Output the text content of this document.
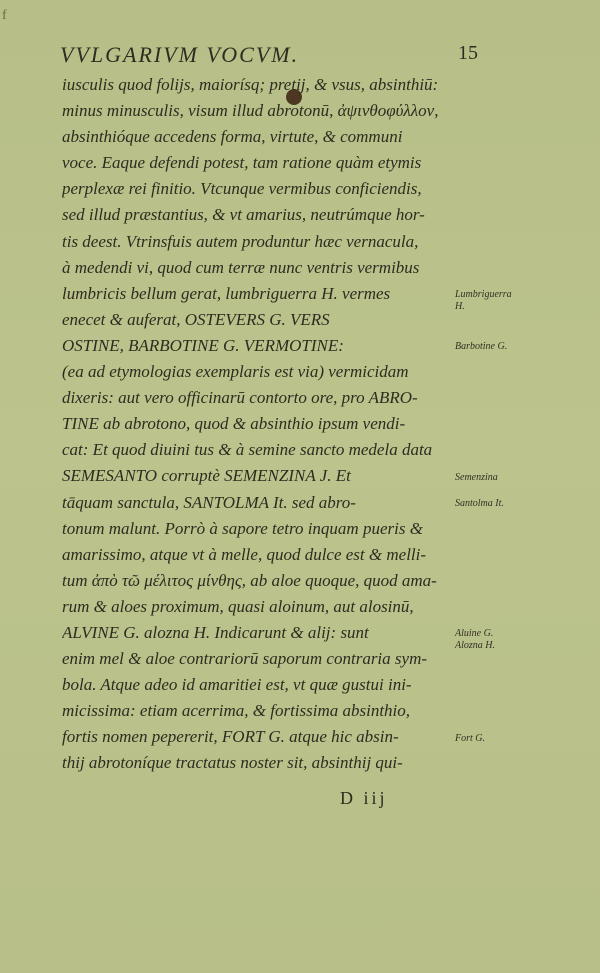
f
VVLGARIVM VOCVM.	15
iusculis quod folijs, maiorísq; pretij, & vsus, absinthiū:
minus minusculis, visum illud abrotonū, ἀψινθοφύλλον,
absinthióque accedens forma, virtute, & communi
voce. Eaque defendi potest, tam ratione quàm etymis
perplexæ rei finitio. Vtcunque vermibus conficiendis,
sed illud præstantius, & vt amarius, neutrúmque hor-
tis deest. Vtrinsfuis autem produntur hæc vernacula,
à medendi vi, quod cum terræ nunc ventris vermibus
lumbricis bellum gerat, lumbriguerra H. vermes
enecet & auferat, OSTEVERS G. VERS
OSTINE, BARBOTINE G. VERMOTINE:
(ea ad etymologias exemplaris est via) vermicidam
dixeris: aut vero officinarū contorto ore, pro ABRO-
TINE ab abrotono, quod & absinthio ipsum vendi-
cat: Et quod diuini tus & à semine sancto medela data
SEMESANTO corruptè SEMENZINA J. Et
tāquam sanctula, SANTOLMA It. sed abro-
tonum malunt. Porrò à sapore tetro inquam pueris &
amarissimo, atque vt à melle, quod dulce est & melli-
tum ἀπὸ τῶ μέλιτος μίνθης, ab aloe quoque, quod ama-
rum & aloes proximum, quasi aloinum, aut alosinū,
ALVINE G. alozna H. Indicarunt & alij: sunt
enim mel & aloe contrariorū saporum contraria sym-
bola. Atque adeo id amaritiei est, vt quæ gustui ini-
micissima: etiam acerrima, & fortissima absinthio,
fortis nomen pepererit, FORT G. atque hic absin-
thij abrotoníque tractatus noster sit, absinthij qui-
Lumbriguerra
H.
Barbotine G.
Semenzina
Santolma It.
Aluine G.
Alozna H.
Fort G.
D iij
